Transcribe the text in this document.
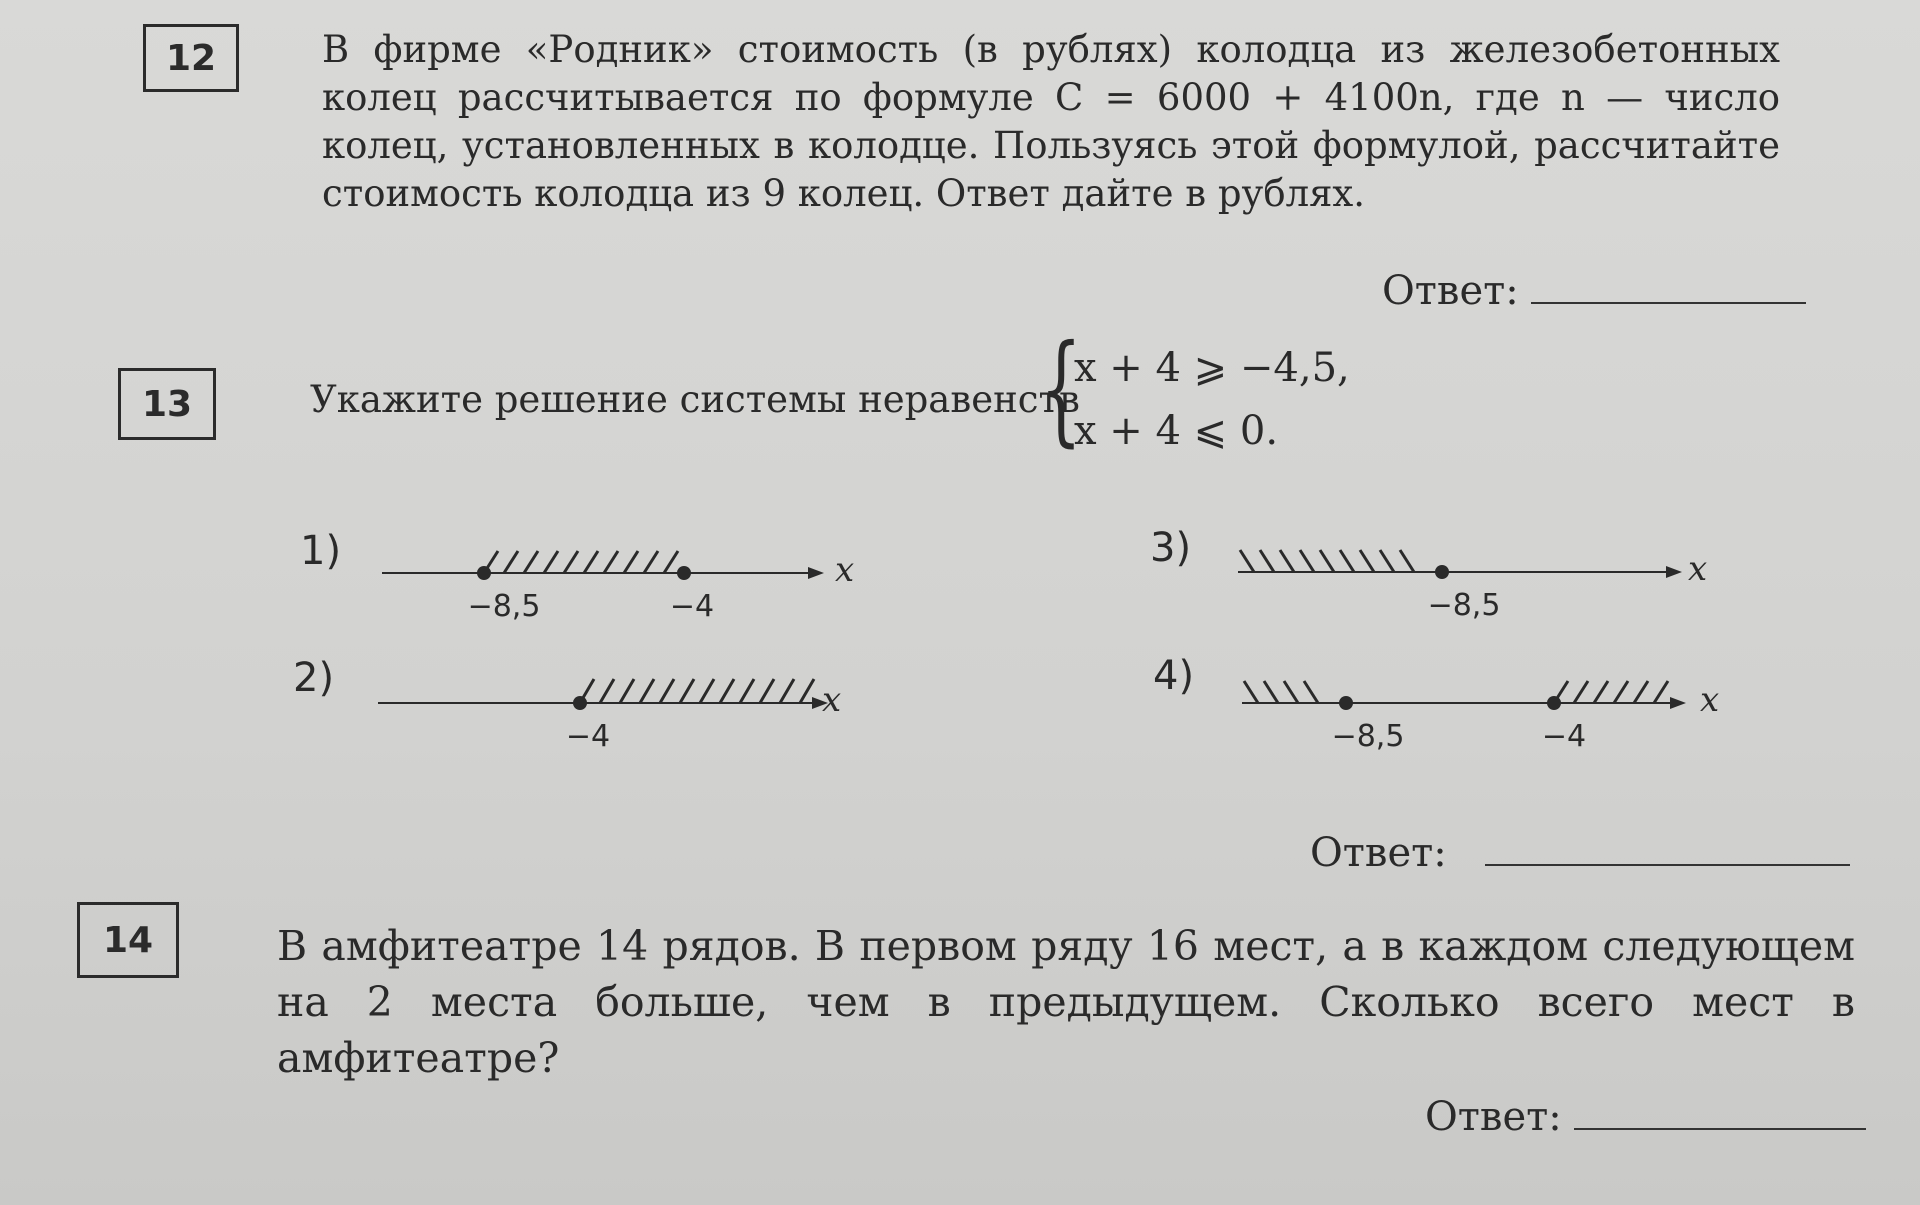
12	В фирме «Родник» стоимость (в рублях) колодца из железобетонных колец рассчитывается по формуле C = 6000 + 4100n, где n — число колец, установленных в колодце. Пользуясь этой формулой, рассчитайте стоимость колодца из 9 колец. Ответ дайте в рублях.
Ответ:
13	Укажите решение системы неравенств
{
x + 4 ⩾ −4,5,
x + 4 ⩽ 0.
1)
−8,5	−4
x
2)
−4
x
3)
−8,5
x
4)
−8,5	−4
x
Ответ:
14	В амфитеатре 14 рядов. В первом ряду 16 мест, а в каждом следующем на 2 места больше, чем в предыдущем. Сколько всего мест в амфитеатре?
Ответ:
